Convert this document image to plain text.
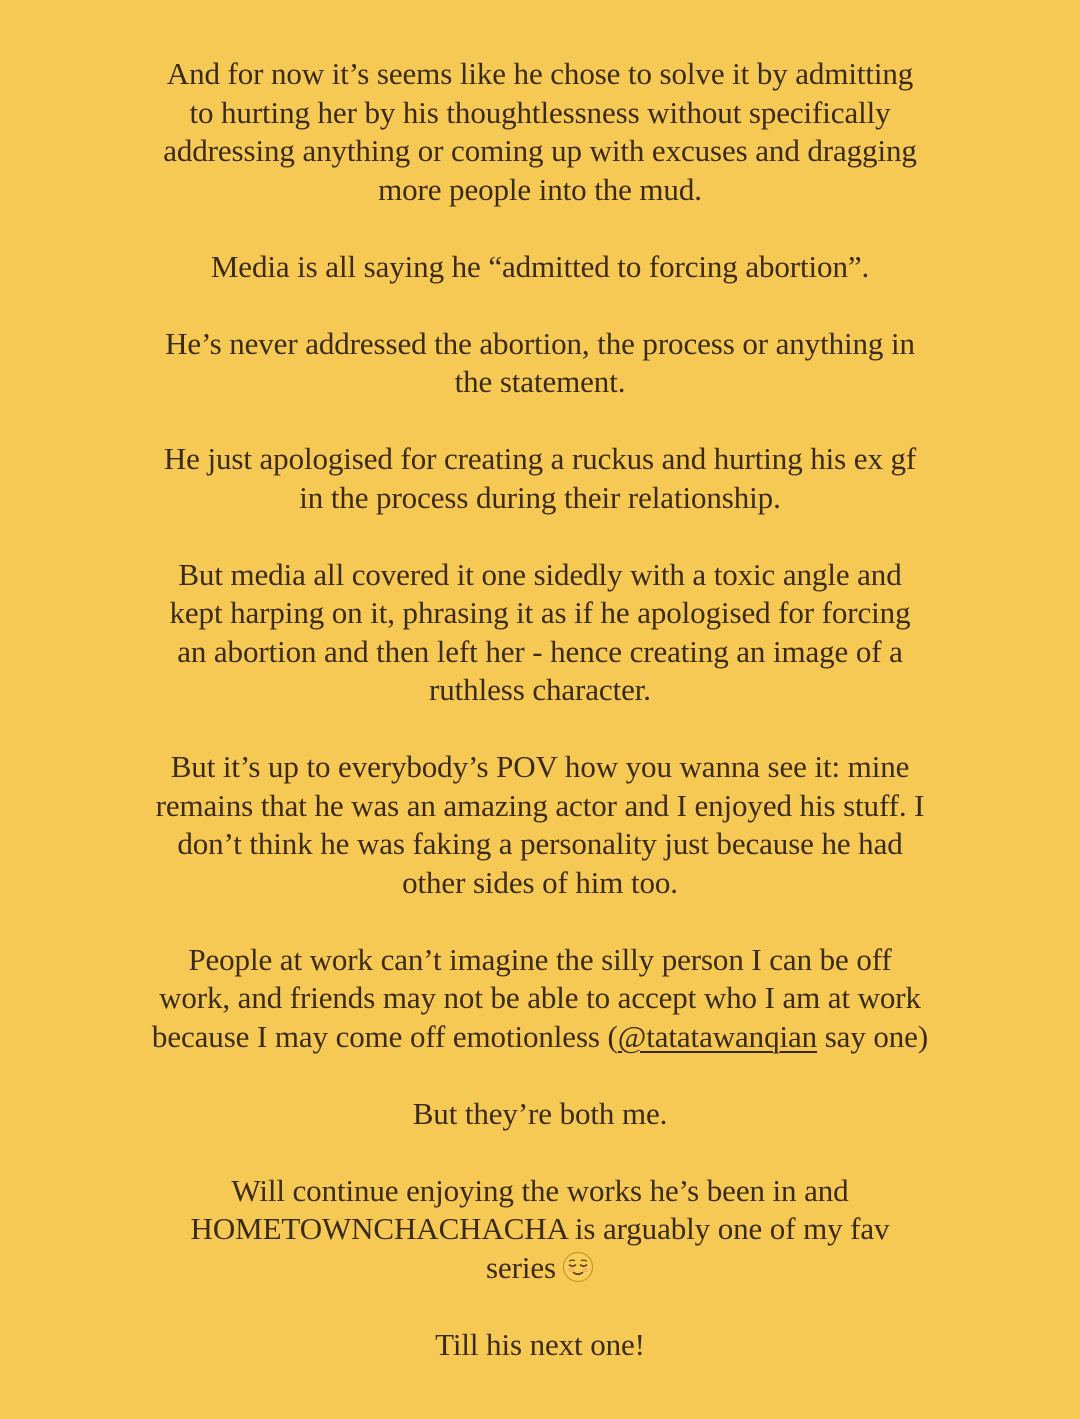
And for now it’s seems like he chose to solve it by admitting
to hurting her by his thoughtlessness without specifically
addressing anything or coming up with excuses and dragging
more people into the mud.

Media is all saying he “admitted to forcing abortion”.

He’s never addressed the abortion, the process or anything in
the statement.

He just apologised for creating a ruckus and hurting his ex gf
in the process during their relationship.

But media all covered it one sidedly with a toxic angle and
kept harping on it, phrasing it as if he apologised for forcing
an abortion and then left her - hence creating an image of a
ruthless character.

But it’s up to everybody’s POV how you wanna see it: mine
remains that he was an amazing actor and I enjoyed his stuff. I
don’t think he was faking a personality just because he had
other sides of him too.

People at work can’t imagine the silly person I can be off
work, and friends may not be able to accept who I am at work
because I may come off emotionless (@tatatawanqian say one)

But they’re both me.

Will continue enjoying the works he’s been in and
HOMETOWNCHACHACHA is arguably one of my fav
series

Till his next one!
